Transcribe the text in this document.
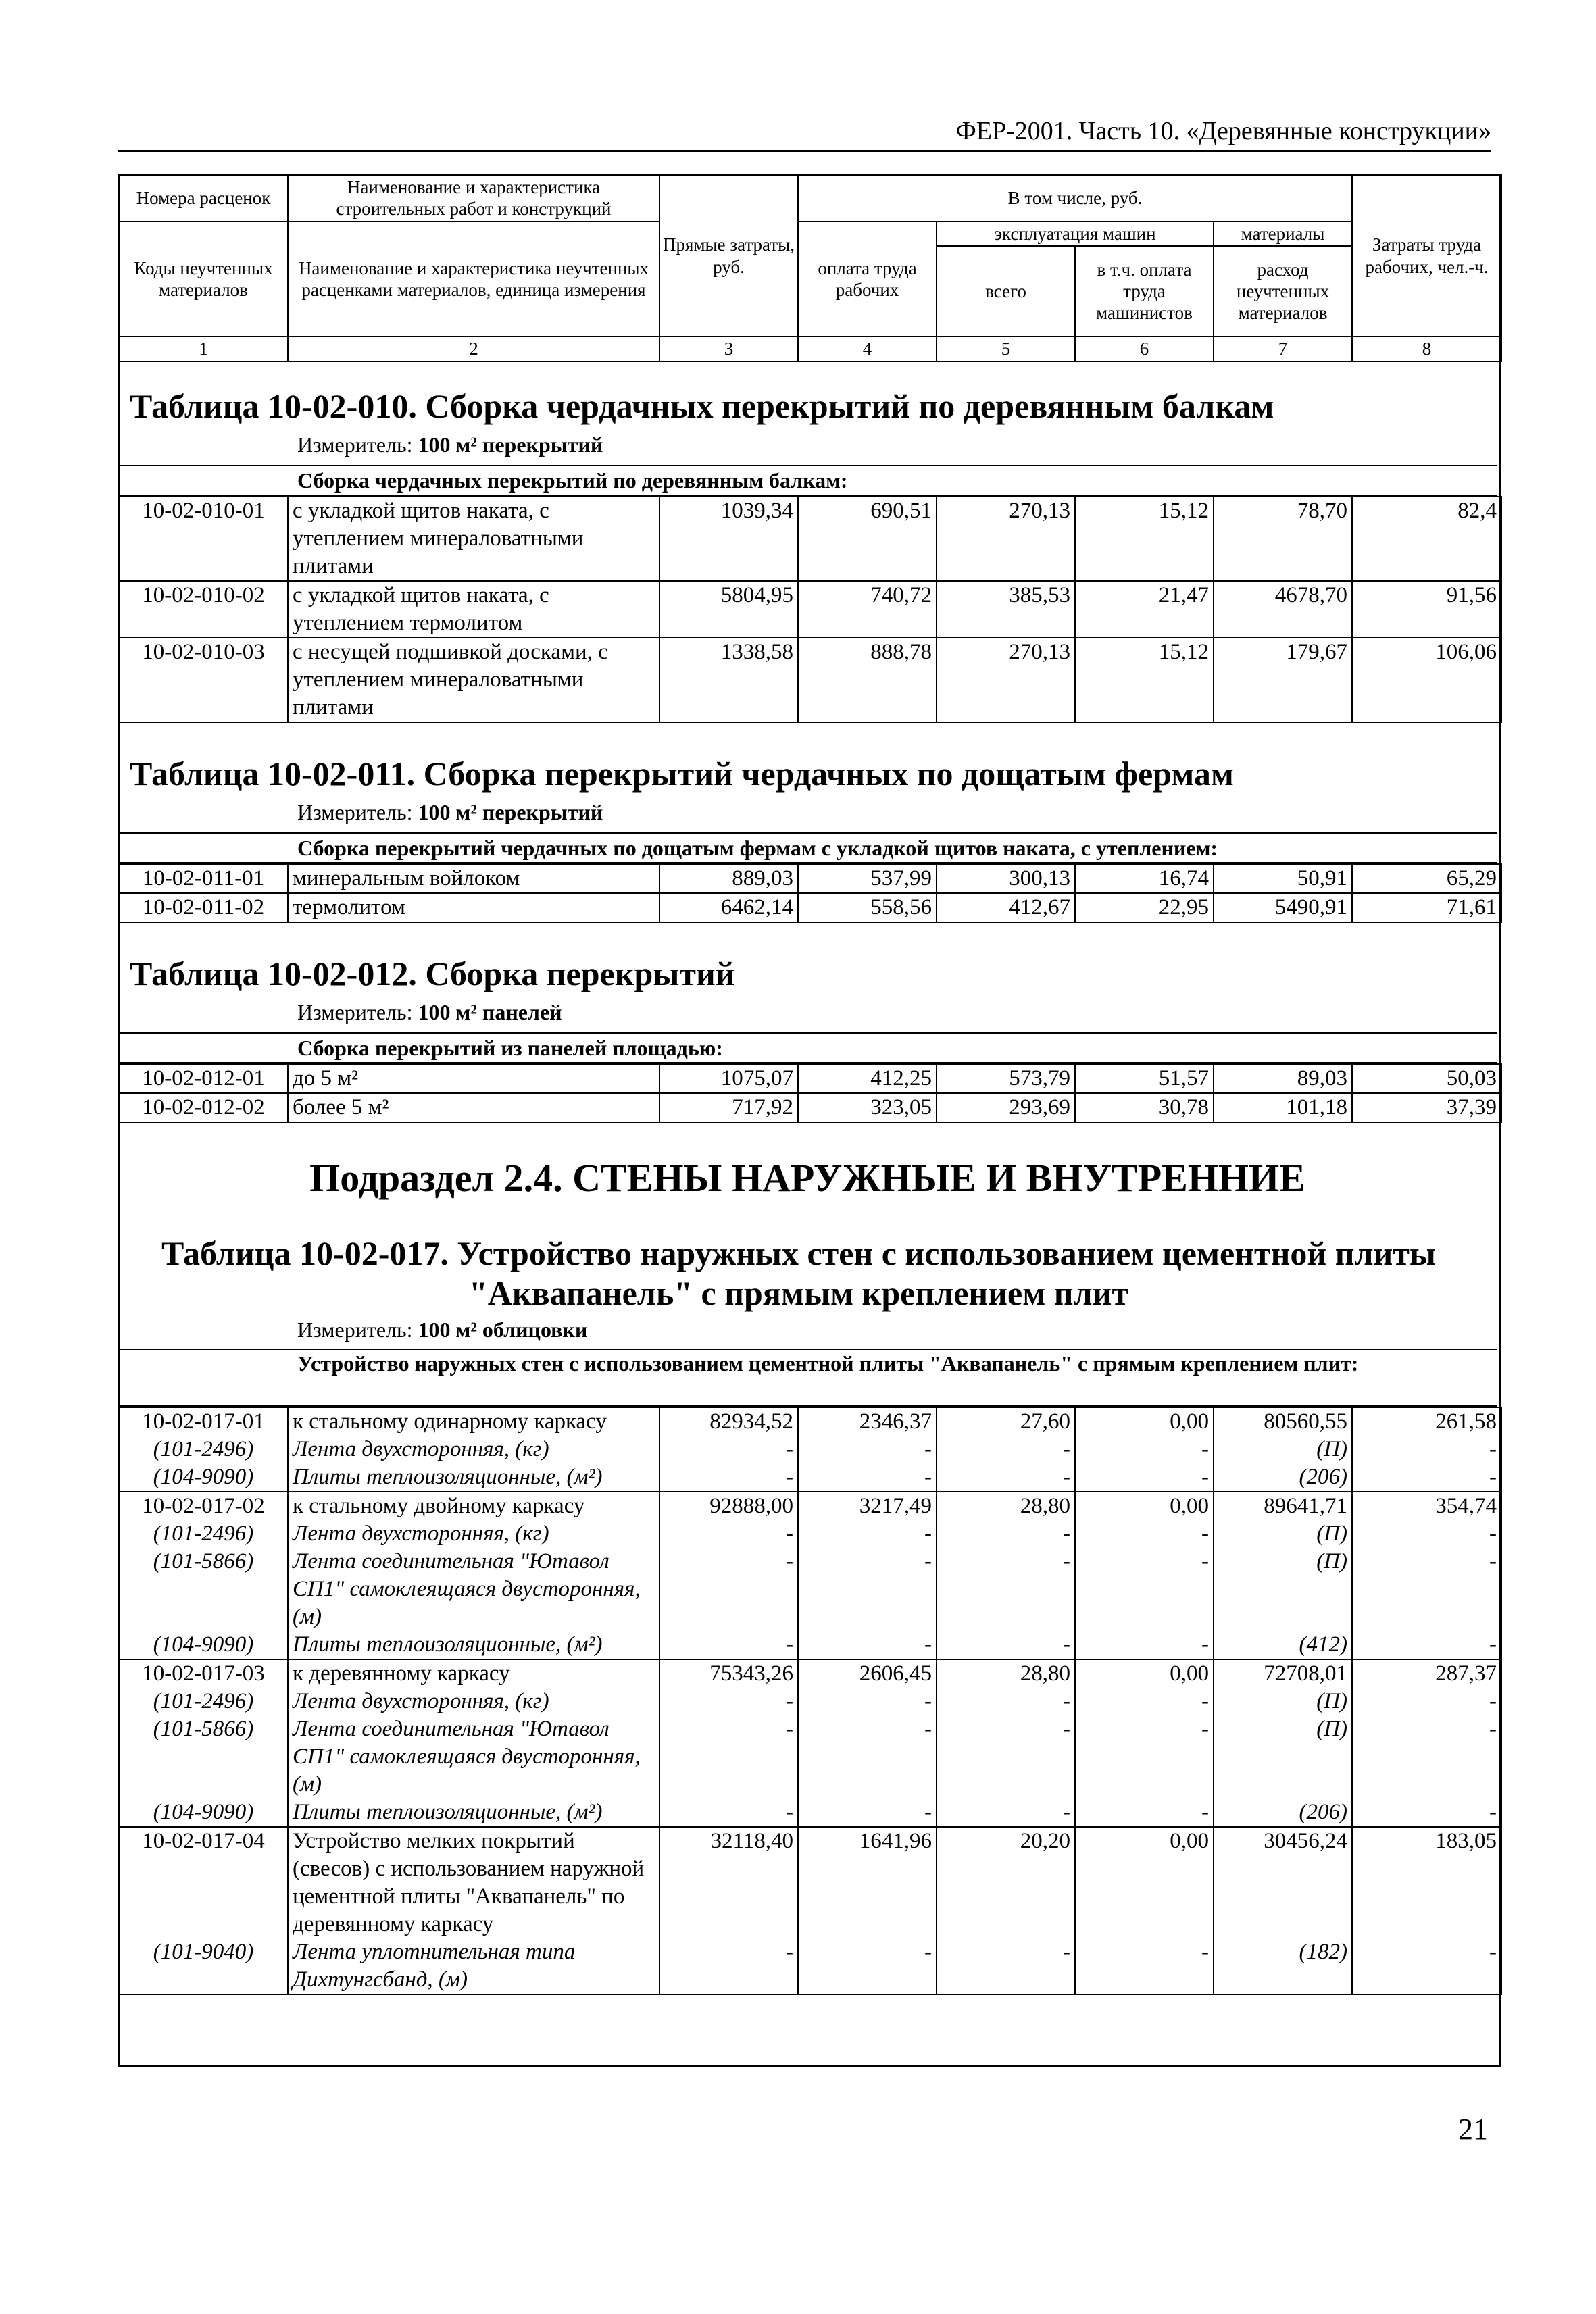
ФЕР-2001. Часть 10. «Деревянные конструкции»
Номера расценок	Наименование и характеристика строительных работ и конструкций	Прямые затраты, руб.	В том числе, руб.				Затраты труда рабочих, чел.-ч.
Коды неучтенных материалов	Наименование и характеристика неучтенных расценками материалов, единица измерения		оплата труда рабочих	эксплуатация машин		материалы	
				всего	в т.ч. оплата труда машинистов	расход неучтенных материалов	

1	2	3	4	5	6	7	8
Таблица 10-02-010. Сборка чердачных перекрытий по деревянным балкам
Измеритель: 100 м² перекрытий
Сборка чердачных перекрытий по деревянным балкам:
10-02-010-01	с укладкой щитов наката, с утеплением минераловатными плитами	1039,34	690,51	270,13	15,12	78,70	82,4
10-02-010-02	с укладкой щитов наката, с утеплением термолитом	5804,95	740,72	385,53	21,47	4678,70	91,56
10-02-010-03	с несущей подшивкой досками, с утеплением минераловатными плитами	1338,58	888,78	270,13	15,12	179,67	106,06
Таблица 10-02-011. Сборка перекрытий чердачных по дощатым фермам
Измеритель: 100 м² перекрытий
Сборка перекрытий чердачных по дощатым фермам с укладкой щитов наката, с утеплением:
10-02-011-01	минеральным войлоком	889,03	537,99	300,13	16,74	50,91	65,29
10-02-011-02	термолитом	6462,14	558,56	412,67	22,95	5490,91	71,61
Таблица 10-02-012. Сборка перекрытий
Измеритель: 100 м² панелей
Сборка перекрытий из панелей площадью:
10-02-012-01	до 5 м²	1075,07	412,25	573,79	51,57	89,03	50,03
10-02-012-02	более 5 м²	717,92	323,05	293,69	30,78	101,18	37,39
Подраздел 2.4. СТЕНЫ НАРУЖНЫЕ И ВНУТРЕННИЕ
Таблица 10-02-017. Устройство наружных стен с использованием цементной плиты
"Аквапанель" с прямым креплением плит
Измеритель: 100 м² облицовки
Устройство наружных стен с использованием цементной плиты "Аквапанель" с прямым креплением плит:
10-02-017-01	к стальному одинарному каркасу	82934,52	2346,37	27,60	0,00	80560,55	261,58
(101-2496)	Лента двухсторонняя, (кг)	-	-	-	-	(П)	-
(104-9090)	Плиты теплоизоляционные, (м²)	-	-	-	-	(206)	-
10-02-017-02	к стальному двойному каркасу	92888,00	3217,49	28,80	0,00	89641,71	354,74
(101-2496)	Лента двухсторонняя, (кг)	-	-	-	-	(П)	-
(101-5866)	Лента соединительная "Ютавол СП1" самоклеящаяся двусторонняя, (м)	-	-	-	-	(П)	-
(104-9090)	Плиты теплоизоляционные, (м²)	-	-	-	-	(412)	-
10-02-017-03	к деревянному каркасу	75343,26	2606,45	28,80	0,00	72708,01	287,37
(101-2496)	Лента двухсторонняя, (кг)	-	-	-	-	(П)	-
(101-5866)	Лента соединительная "Ютавол СП1" самоклеящаяся двусторонняя, (м)	-	-	-	-	(П)	-
(104-9090)	Плиты теплоизоляционные, (м²)	-	-	-	-	(206)	-
10-02-017-04	Устройство мелких покрытий (свесов) с использованием наружной цементной плиты "Аквапанель" по деревянному каркасу	32118,40	1641,96	20,20	0,00	30456,24	183,05
(101-9040)	Лента уплотнительная типа Дихтунгсбанд, (м)	-	-	-	-	(182)	-
21
